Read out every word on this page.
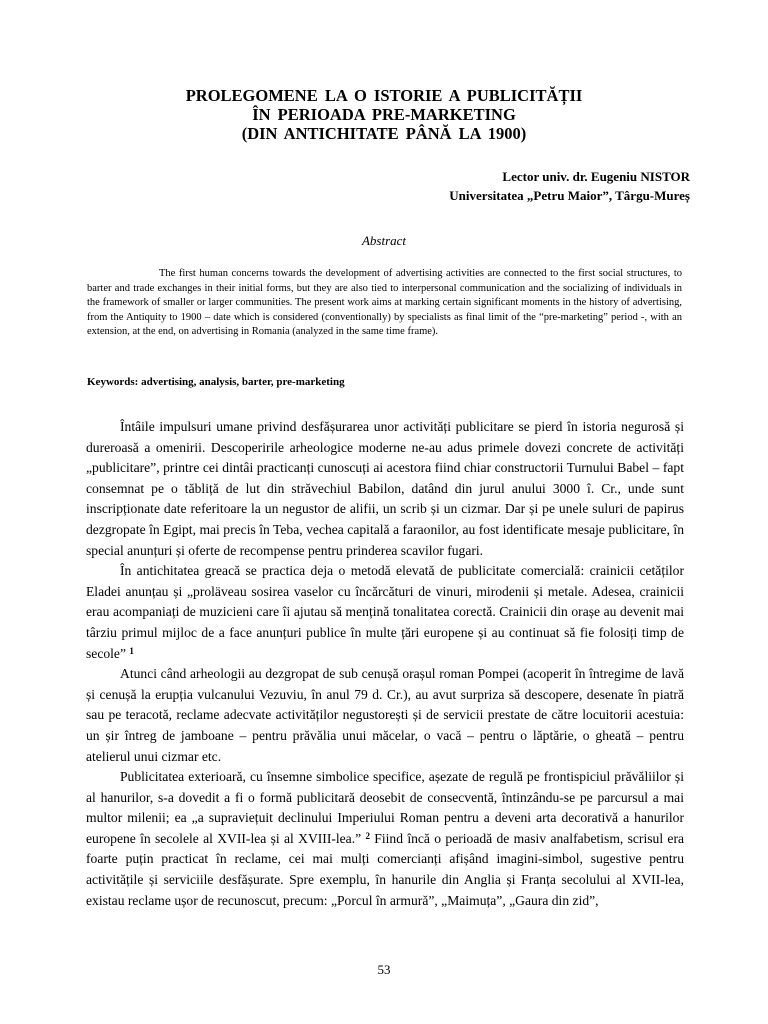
PROLEGOMENE LA O ISTORIE A PUBLICITĂȚII
ÎN PERIOADA PRE-MARKETING
(DIN ANTICHITATE PÂNĂ LA 1900)
Lector univ. dr. Eugeniu NISTOR
Universitatea „Petru Maior”, Târgu-Mureș
Abstract

The first human concerns towards the development of advertising activities are connected to the first social structures, to barter and trade exchanges in their initial forms, but they are also tied to interpersonal communication and the socializing of individuals in the framework of smaller or larger communities. The present work aims at marking certain significant moments in the history of advertising, from the Antiquity to 1900 – date which is considered (conventionally) by specialists as final limit of the “pre-marketing” period -, with an extension, at the end, on advertising in Romania (analyzed in the same time frame).

Keywords: advertising, analysis, barter, pre-marketing

Întâile impulsuri umane privind desfășurarea unor activități publicitare se pierd în istoria negurosă și dureroasă a omenirii. Descoperirile arheologice moderne ne-au adus primele dovezi concrete de activități „publicitare”, printre cei dintâi practicanți cunoscuți ai acestora fiind chiar constructorii Turnului Babel – fapt consemnat pe o tăbliță de lut din străvechiul Babilon, datând din jurul anului 3000 î. Cr., unde sunt inscripționate date referitoare la un negustor de alifii, un scrib și un cizmar. Dar și pe unele suluri de papirus dezgropate în Egipt, mai precis în Teba, vechea capitală a faraonilor, au fost identificate mesaje publicitare, în special anunțuri și oferte de recompense pentru prinderea scavilor fugari.

În antichitatea greacă se practica deja o metodă elevată de publicitate comercială: crainicii cetăților Eladei anunțau și „proläveau sosirea vaselor cu încărcături de vinuri, mirodenii și metale. Adesea, crainicii erau acompaniați de muzicieni care îi ajutau să mențină tonalitatea corectă. Crainicii din orașe au devenit mai târziu primul mijloc de a face anunțuri publice în multe țări europene și au continuat să fie folosiți timp de secole” $^1$

Atunci când arheologii au dezgropat de sub cenușă orașul roman Pompei (acoperit în întregime de lavă și cenușă la erupția vulcanului Vezuviu, în anul 79 d. Cr.), au avut surpriza să descopere, desenate în piatră sau pe teracotă, reclame adecvate activităților negustorești și de servicii prestate de către locuitorii acestuia: un șir întreg de jamboane – pentru prăvălia unui măcelar, o vacă – pentru o lăptărie, o gheată – pentru atelierul unui cizmar etc.

Publicitatea exterioară, cu însemne simbolice specifice, așezate de regulă pe frontispiciul prăvăliilor și al hanurilor, s-a dovedit a fi o formă publicitară deosebit de consecventă, întinzându-se pe parcursul a mai multor milenii; ea „a supraviețuit declinului Imperiului Roman pentru a deveni arta decorativă a hanurilor europene în secolele al XVII-lea și al XVIII-lea.” $^2$ Fiind încă o perioadă de masiv analfabetism, scrisul era foarte puțin practicat în reclame, cei mai mulți comercianți afișând imagini-simbol, sugestive pentru activitățile și serviciile desfășurate. Spre exemplu, în hanurile din Anglia și Franța secolului al XVII-lea, existau reclame ușor de recunoscut, precum: „Porcul în armură”, „Maimuța”, „Gaura din zid”,

53
